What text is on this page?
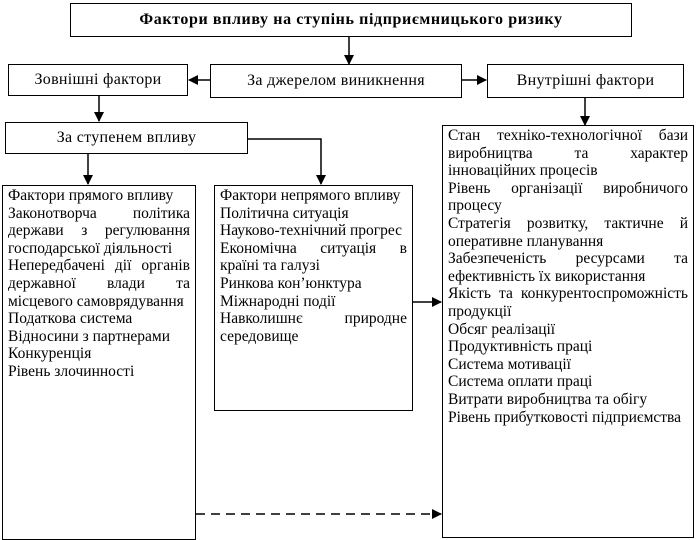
Фактори впливу на ступінь підприємницького ризику
Зовнішні фактори	За джерелом виникнення	Внутрішні фактори
За ступенем впливу
Фактори прямого впливу
Законотворча політика держави з регулювання господарської діяльності
Непередбачені дії органів державної влади та місцевого самоврядування
Податкова система
Відносини з партнерами
Конкуренція
Рівень злочинності
Фактори непрямого впливу
Політична ситуація
Науково-технічний прогрес
Економічна ситуація в країні та галузі
Ринкова кон’юнктура
Міжнародні події
Навколишнє природне середовище
Стан техніко-технологічної бази виробництва та характер інноваційних процесів
Рівень організації виробничого процесу
Стратегія розвитку, тактичне й оперативне планування
Забезпеченість ресурсами та ефективність їх використання
Якість та конкурентоспроможність продукції
Обсяг реалізації
Продуктивність праці
Система мотивації
Система оплати праці
Витрати виробництва та обігу
Рівень прибутковості підприємства
